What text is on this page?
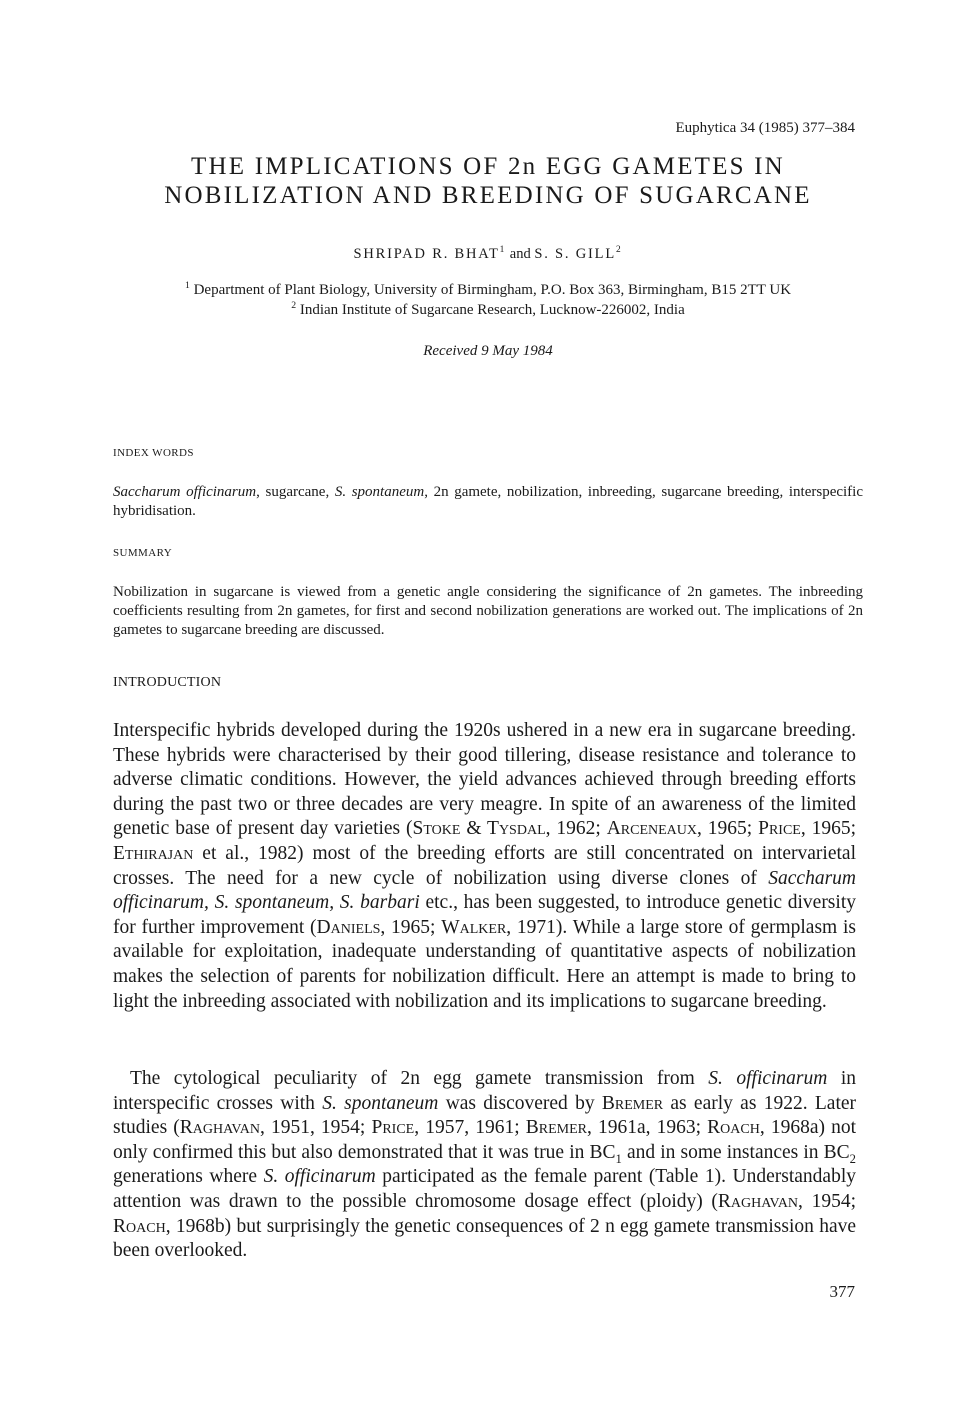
Euphytica 34 (1985) 377–384
THE IMPLICATIONS OF 2n EGG GAMETES IN
NOBILIZATION AND BREEDING OF SUGARCANE
SHRIPAD R. BHAT$^1$ and S. S. GILL$^2$
$^1$ Department of Plant Biology, University of Birmingham, P.O. Box 363, Birmingham, B15 2TT UK
$^2$ Indian Institute of Sugarcane Research, Lucknow-226002, India
Received 9 May 1984
INDEX WORDS
Saccharum officinarum, sugarcane, S. spontaneum, 2n gamete, nobilization, inbreeding, sugarcane breeding, interspecific hybridisation.
SUMMARY
Nobilization in sugarcane is viewed from a genetic angle considering the significance of 2n gametes. The inbreeding coefficients resulting from 2n gametes, for first and second nobilization generations are worked out. The implications of 2n gametes to sugarcane breeding are discussed.
INTRODUCTION
Interspecific hybrids developed during the 1920s ushered in a new era in sugarcane breeding. These hybrids were characterised by their good tillering, disease resistance and tolerance to adverse climatic conditions. However, the yield advances achieved through breeding efforts during the past two or three decades are very meagre. In spite of an awareness of the limited genetic base of present day varieties (Stoke & Tysdal, 1962; Arceneaux, 1965; Price, 1965; Ethirajan et al., 1982) most of the breeding efforts are still concentrated on intervarietal crosses. The need for a new cycle of nobilization using diverse clones of Saccharum officinarum, S. spontaneum, S. barbari etc., has been suggested, to introduce genetic diversity for further improvement (Daniels, 1965; Walker, 1971). While a large store of germplasm is available for exploitation, inadequate understanding of quantitative aspects of nobilization makes the selection of parents for nobilization difficult. Here an attempt is made to bring to light the inbreeding associated with nobilization and its implications to sugarcane breeding.
The cytological peculiarity of 2n egg gamete transmission from S. officinarum in interspecific crosses with S. spontaneum was discovered by Bremer as early as 1922. Later studies (Raghavan, 1951, 1954; Price, 1957, 1961; Bremer, 1961a, 1963; Roach, 1968a) not only confirmed this but also demonstrated that it was true in $BC_1$ and in some instances in $BC_2$ generations where S. officinarum participated as the female parent (Table 1). Understandably attention was drawn to the possible chromosome dosage effect (ploidy) (Raghavan, 1954; Roach, 1968b) but surprisingly the genetic consequences of 2 n egg gamete transmission have been overlooked.
377
